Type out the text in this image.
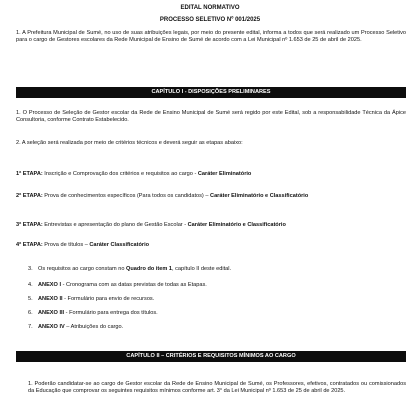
EDITAL NORMATIVO
PROCESSO SELETIVO Nº 001/2025
1. A Prefeitura Municipal de Sumé, no uso de suas atribuições legais, por meio do presente edital, informa a todos que será realizado um Processo Seletivo para o cargo de Gestores escolares da Rede Municipal de Ensino de Sumé de acordo com a Lei Municipal nº 1.653 de 25 de abril de 2025.
CAPÍTULO I - DISPOSIÇÕES PRELIMINARES
1. O Processo de Seleção de Gestor escolar da Rede de Ensino Municipal de Sumé será regido por este Edital, sob a responsabilidade Técnica da Ápice Consultoria, conforme Contrato Estabelecido.
2. A seleção será realizada por meio de critérios técnicos e deverá seguir as etapas abaixo:
1ª ETAPA: Inscrição e Comprovação dos critérios e requisitos ao cargo - Caráter Eliminatório
2ª ETAPA: Prova de conhecimentos específicos (Para todos os candidatos) – Caráter Eliminatório e Classificatório
3ª ETAPA: Entrevistas e apresentação do plano de Gestão Escolar - Caráter Eliminatório e Classificatório
4ª ETAPA: Prova de títulos – Caráter Classificatório
3. Os requisitos ao cargo constam no Quadro do item 1, capítulo II deste edital.
4. ANEXO I - Cronograma com as datas previstas de todas as Etapas.
5. ANEXO II - Formulário para envio de recursos.
6. ANEXO III - Formulário para entrega dos títulos.
7. ANEXO IV – Atribuições do cargo.
CAPÍTULO II – CRITÉRIOS E REQUISITOS MÍNIMOS AO CARGO
1. Poderão candidatar-se ao cargo de Gestor escolar da Rede de Ensino Municipal de Sumé, os Professores, efetivos, contratados ou comissionados da Educação que comprovar os seguintes requisitos mínimos conforme art. 3° da Lei Municipal nº 1.653 de 25 de abril de 2025.
